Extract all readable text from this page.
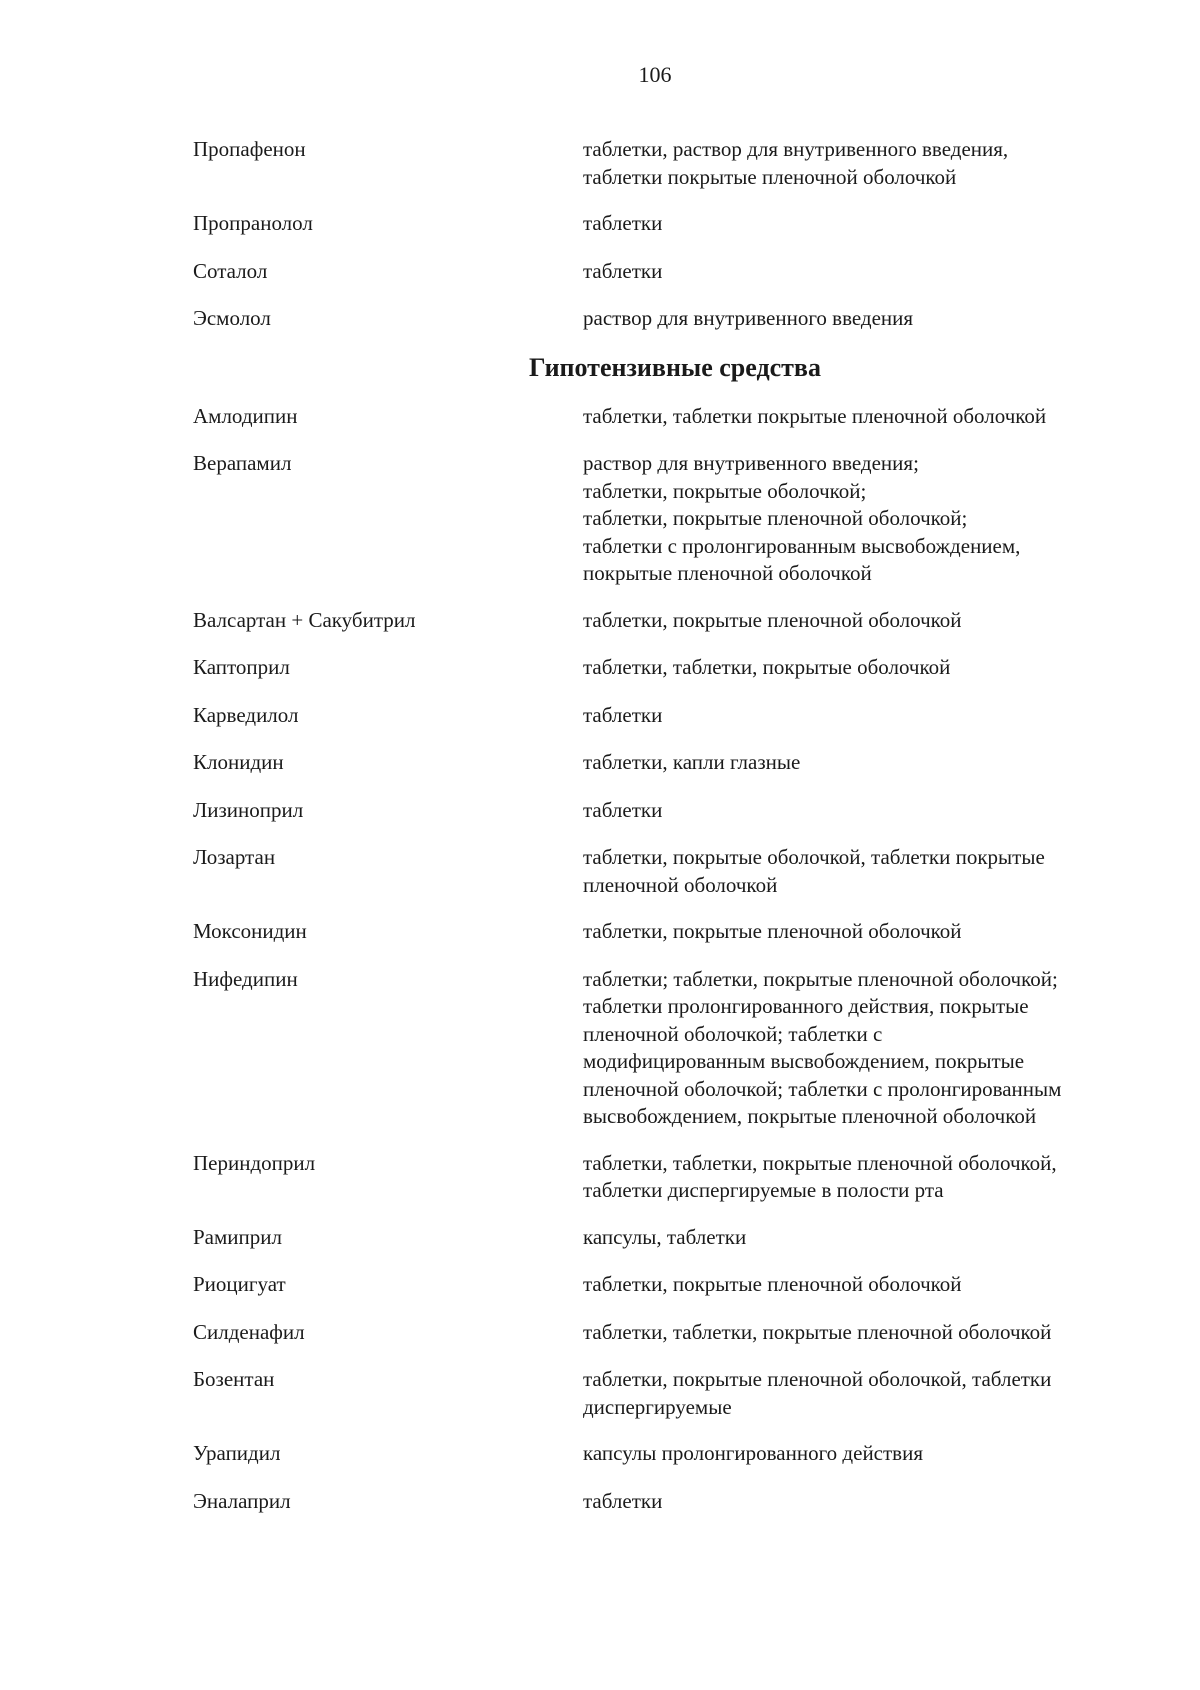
106
Пропафенон	таблетки, раствор для внутривенного введения,
таблетки покрытые пленочной оболочкой
Пропранолол	таблетки
Соталол	таблетки
Эсмолол	раствор для внутривенного введения
Гипотензивные средства
Амлодипин	таблетки, таблетки покрытые пленочной оболочкой
Верапамил	раствор для внутривенного введения;
таблетки, покрытые оболочкой;
таблетки, покрытые пленочной оболочкой;
таблетки с пролонгированным высвобождением,
покрытые пленочной оболочкой
Валсартан + Сакубитрил	таблетки, покрытые пленочной оболочкой
Каптоприл	таблетки, таблетки, покрытые оболочкой
Карведилол	таблетки
Клонидин	таблетки, капли глазные
Лизиноприл	таблетки
Лозартан	таблетки, покрытые оболочкой, таблетки покрытые
пленочной оболочкой
Моксонидин	таблетки, покрытые пленочной оболочкой
Нифедипин	таблетки; таблетки, покрытые пленочной оболочкой;
таблетки пролонгированного действия, покрытые
пленочной оболочкой; таблетки с
модифицированным высвобождением, покрытые
пленочной оболочкой; таблетки с пролонгированным
высвобождением, покрытые пленочной оболочкой
Периндоприл	таблетки, таблетки, покрытые пленочной оболочкой,
таблетки диспергируемые в полости рта
Рамиприл	капсулы, таблетки
Риоцигуат	таблетки, покрытые пленочной оболочкой
Силденафил	таблетки, таблетки, покрытые пленочной оболочкой
Бозентан	таблетки, покрытые пленочной оболочкой, таблетки
диспергируемые
Урапидил	капсулы пролонгированного действия
Эналаприл	таблетки
